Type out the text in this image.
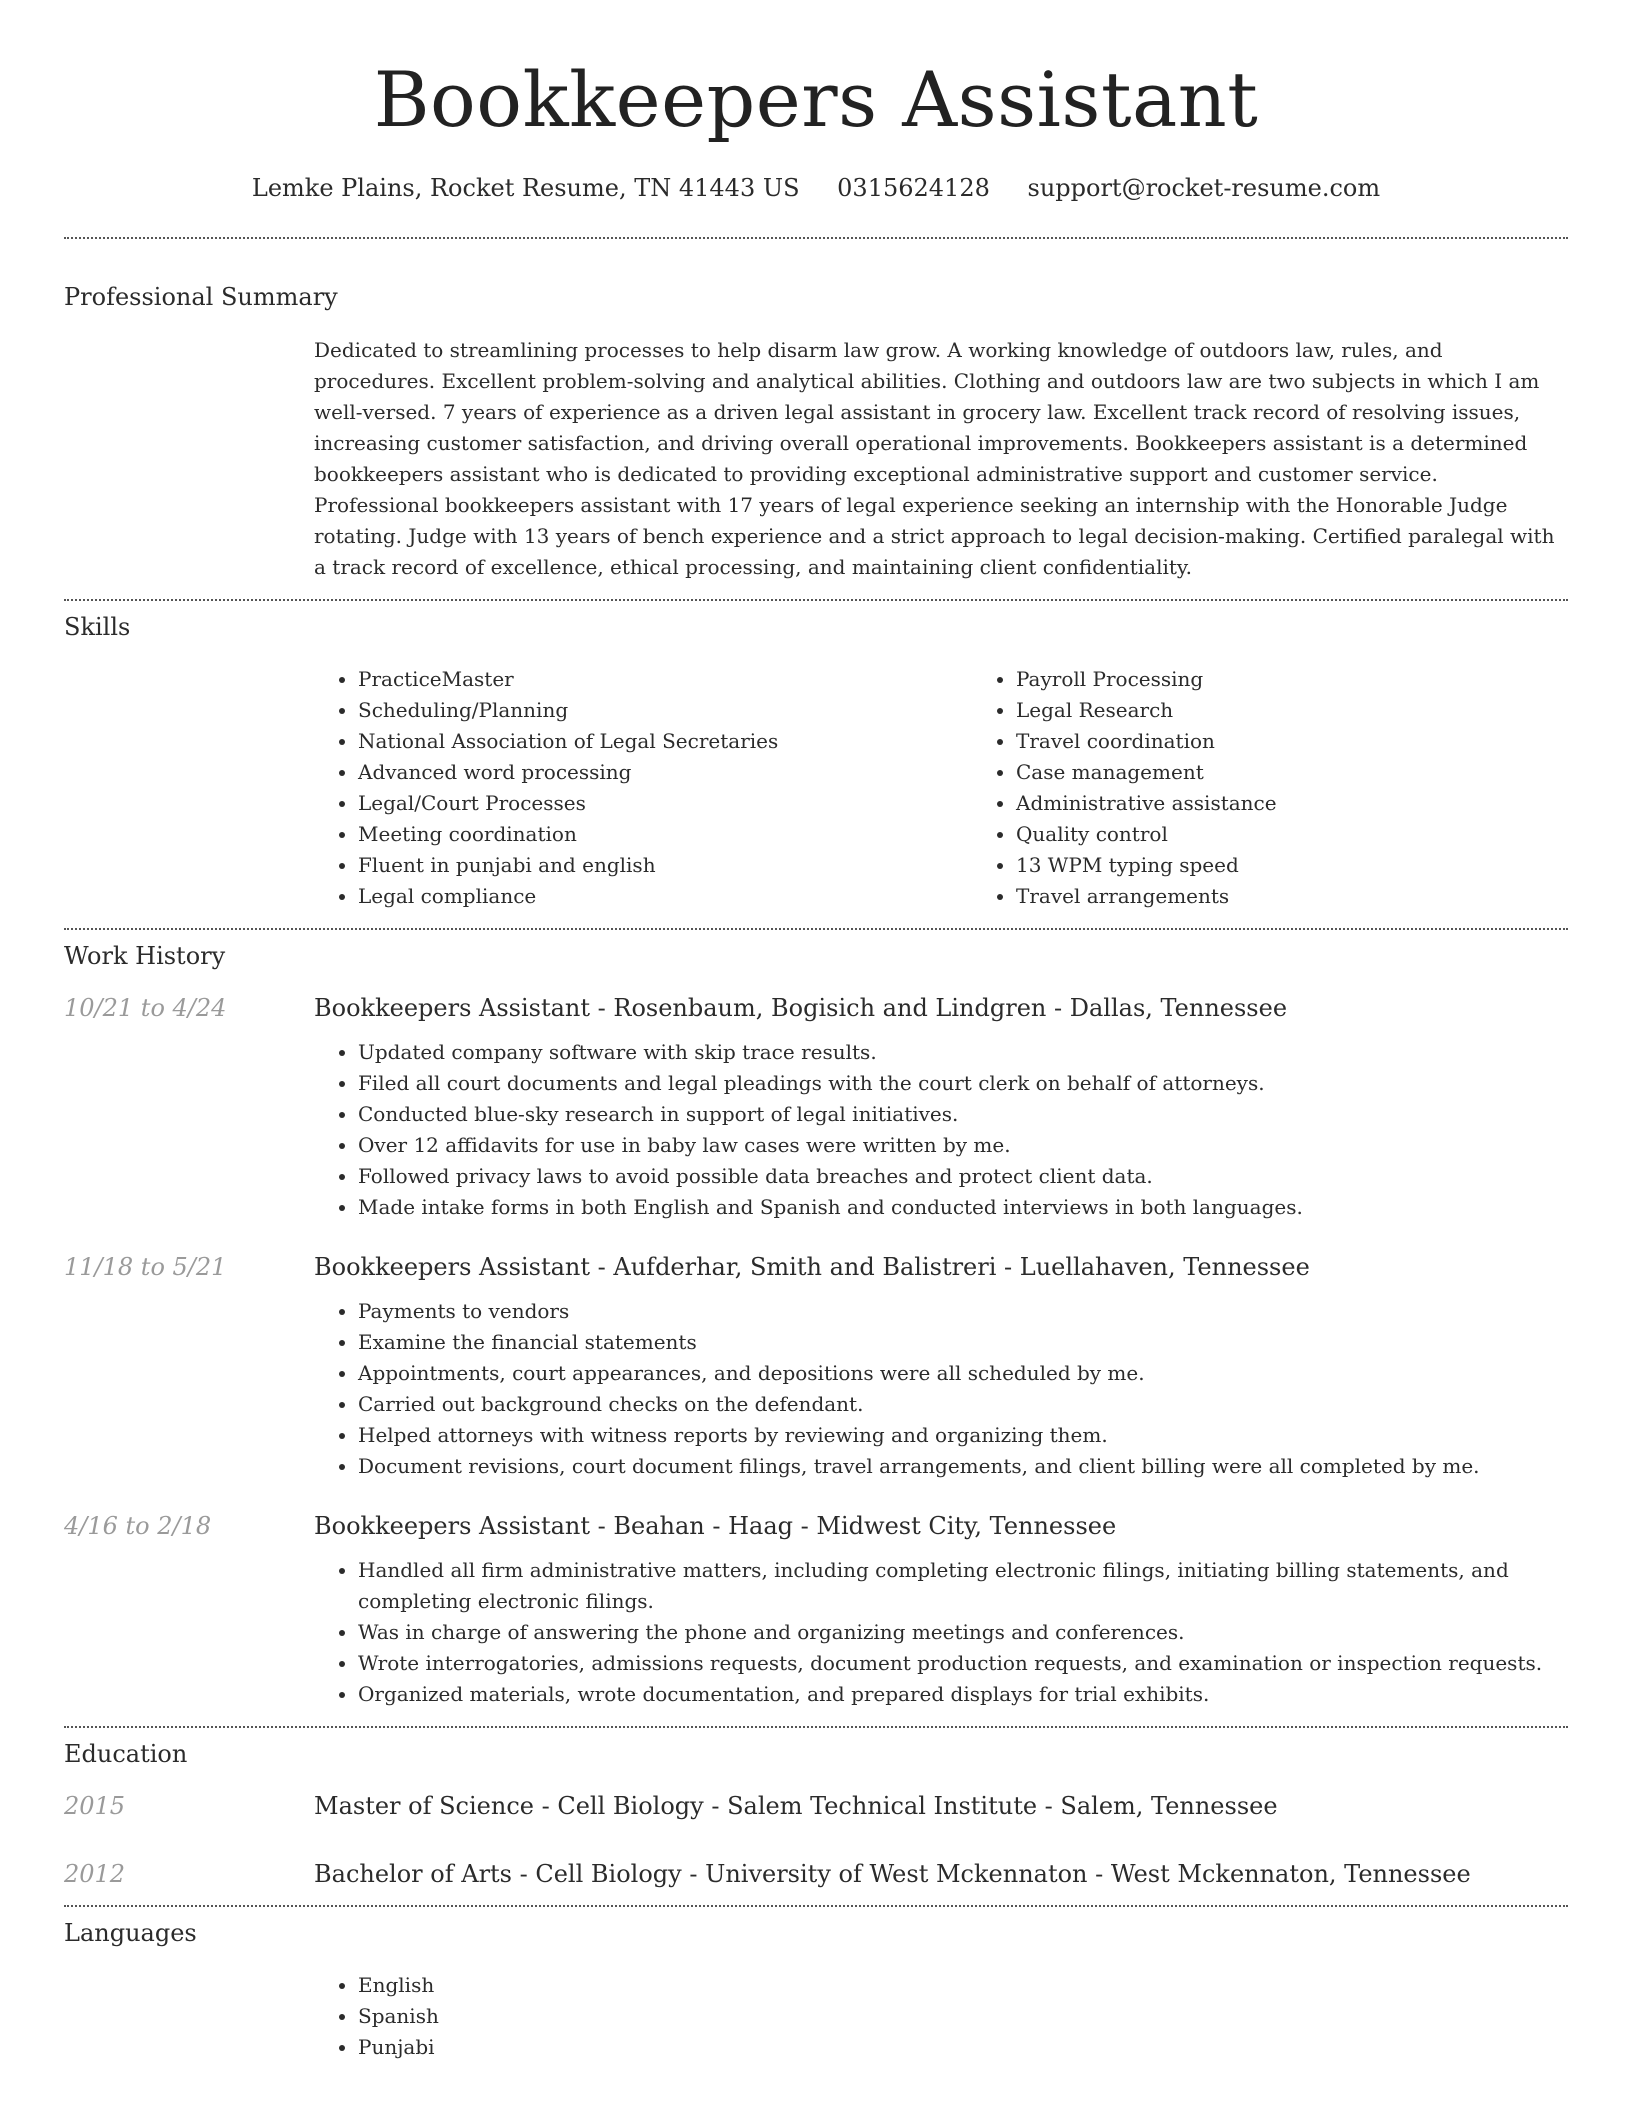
Bookkeepers Assistant
Lemke Plains, Rocket Resume, TN 41443 US 0315624128 support@rocket-resume.com
Professional Summary

Dedicated to streamlining processes to help disarm law grow. A working knowledge of outdoors law, rules, and procedures. Excellent problem-solving and analytical abilities. Clothing and outdoors law are two subjects in which I am well-versed. 7 years of experience as a driven legal assistant in grocery law. Excellent track record of resolving issues, increasing customer satisfaction, and driving overall operational improvements. Bookkeepers assistant is a determined bookkeepers assistant who is dedicated to providing exceptional administrative support and customer service. Professional bookkeepers assistant with 17 years of legal experience seeking an internship with the Honorable Judge rotating. Judge with 13 years of bench experience and a strict approach to legal decision-making. Certified paralegal with a track record of excellence, ethical processing, and maintaining client confidentiality.

Skills
• PracticeMaster
• Scheduling/Planning
• National Association of Legal Secretaries
• Advanced word processing
• Legal/Court Processes
• Meeting coordination
• Fluent in punjabi and english
• Legal compliance
• Payroll Processing
• Legal Research
• Travel coordination
• Case management
• Administrative assistance
• Quality control
• 13 WPM typing speed
• Travel arrangements
Work History
10/21 to 4/24	Bookkeepers Assistant - Rosenbaum, Bogisich and Lindgren - Dallas, Tennessee
• Updated company software with skip trace results.
• Filed all court documents and legal pleadings with the court clerk on behalf of attorneys.
• Conducted blue-sky research in support of legal initiatives.
• Over 12 affidavits for use in baby law cases were written by me.
• Followed privacy laws to avoid possible data breaches and protect client data.
• Made intake forms in both English and Spanish and conducted interviews in both languages.
11/18 to 5/21	Bookkeepers Assistant - Aufderhar, Smith and Balistreri - Luellahaven, Tennessee
• Payments to vendors
• Examine the financial statements
• Appointments, court appearances, and depositions were all scheduled by me.
• Carried out background checks on the defendant.
• Helped attorneys with witness reports by reviewing and organizing them.
• Document revisions, court document filings, travel arrangements, and client billing were all completed by me.
4/16 to 2/18	Bookkeepers Assistant - Beahan - Haag - Midwest City, Tennessee
• Handled all firm administrative matters, including completing electronic filings, initiating billing statements, and completing electronic filings.
• Was in charge of answering the phone and organizing meetings and conferences.
• Wrote interrogatories, admissions requests, document production requests, and examination or inspection requests.
• Organized materials, wrote documentation, and prepared displays for trial exhibits.
Education
2015	Master of Science - Cell Biology - Salem Technical Institute - Salem, Tennessee
2012	Bachelor of Arts - Cell Biology - University of West Mckennaton - West Mckennaton, Tennessee
Languages
• English
• Spanish
• Punjabi
